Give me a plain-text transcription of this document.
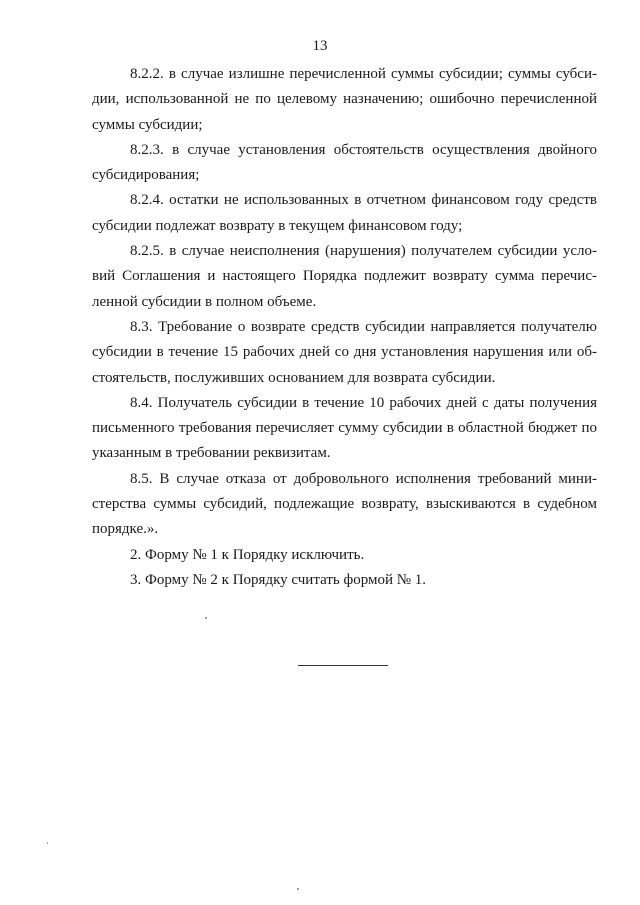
13

8.2.2. в случае излишне перечисленной суммы субсидии; суммы субсидии, использованной не по целевому назначению; ошибочно перечисленной суммы субсидии;

8.2.3. в случае установления обстоятельств осуществления двойного субсидирования;

8.2.4. остатки не использованных в отчетном финансовом году средств субсидии подлежат возврату в текущем финансовом году;

8.2.5. в случае неисполнения (нарушения) получателем субсидии условий Соглашения и настоящего Порядка подлежит возврату сумма перечисленной субсидии в полном объеме.

8.3. Требование о возврате средств субсидии направляется получателю субсидии в течение 15 рабочих дней со дня установления нарушения или обстоятельств, послуживших основанием для возврата субсидии.

8.4. Получатель субсидии в течение 10 рабочих дней с даты получения письменного требования перечисляет сумму субсидии в областной бюджет по указанным в требовании реквизитам.

8.5. В случае отказа от добровольного исполнения требований министерства суммы субсидий, подлежащие возврату, взыскиваются в судебном порядке.».

2. Форму № 1 к Порядку исключить.

3. Форму № 2 к Порядку считать формой № 1.
